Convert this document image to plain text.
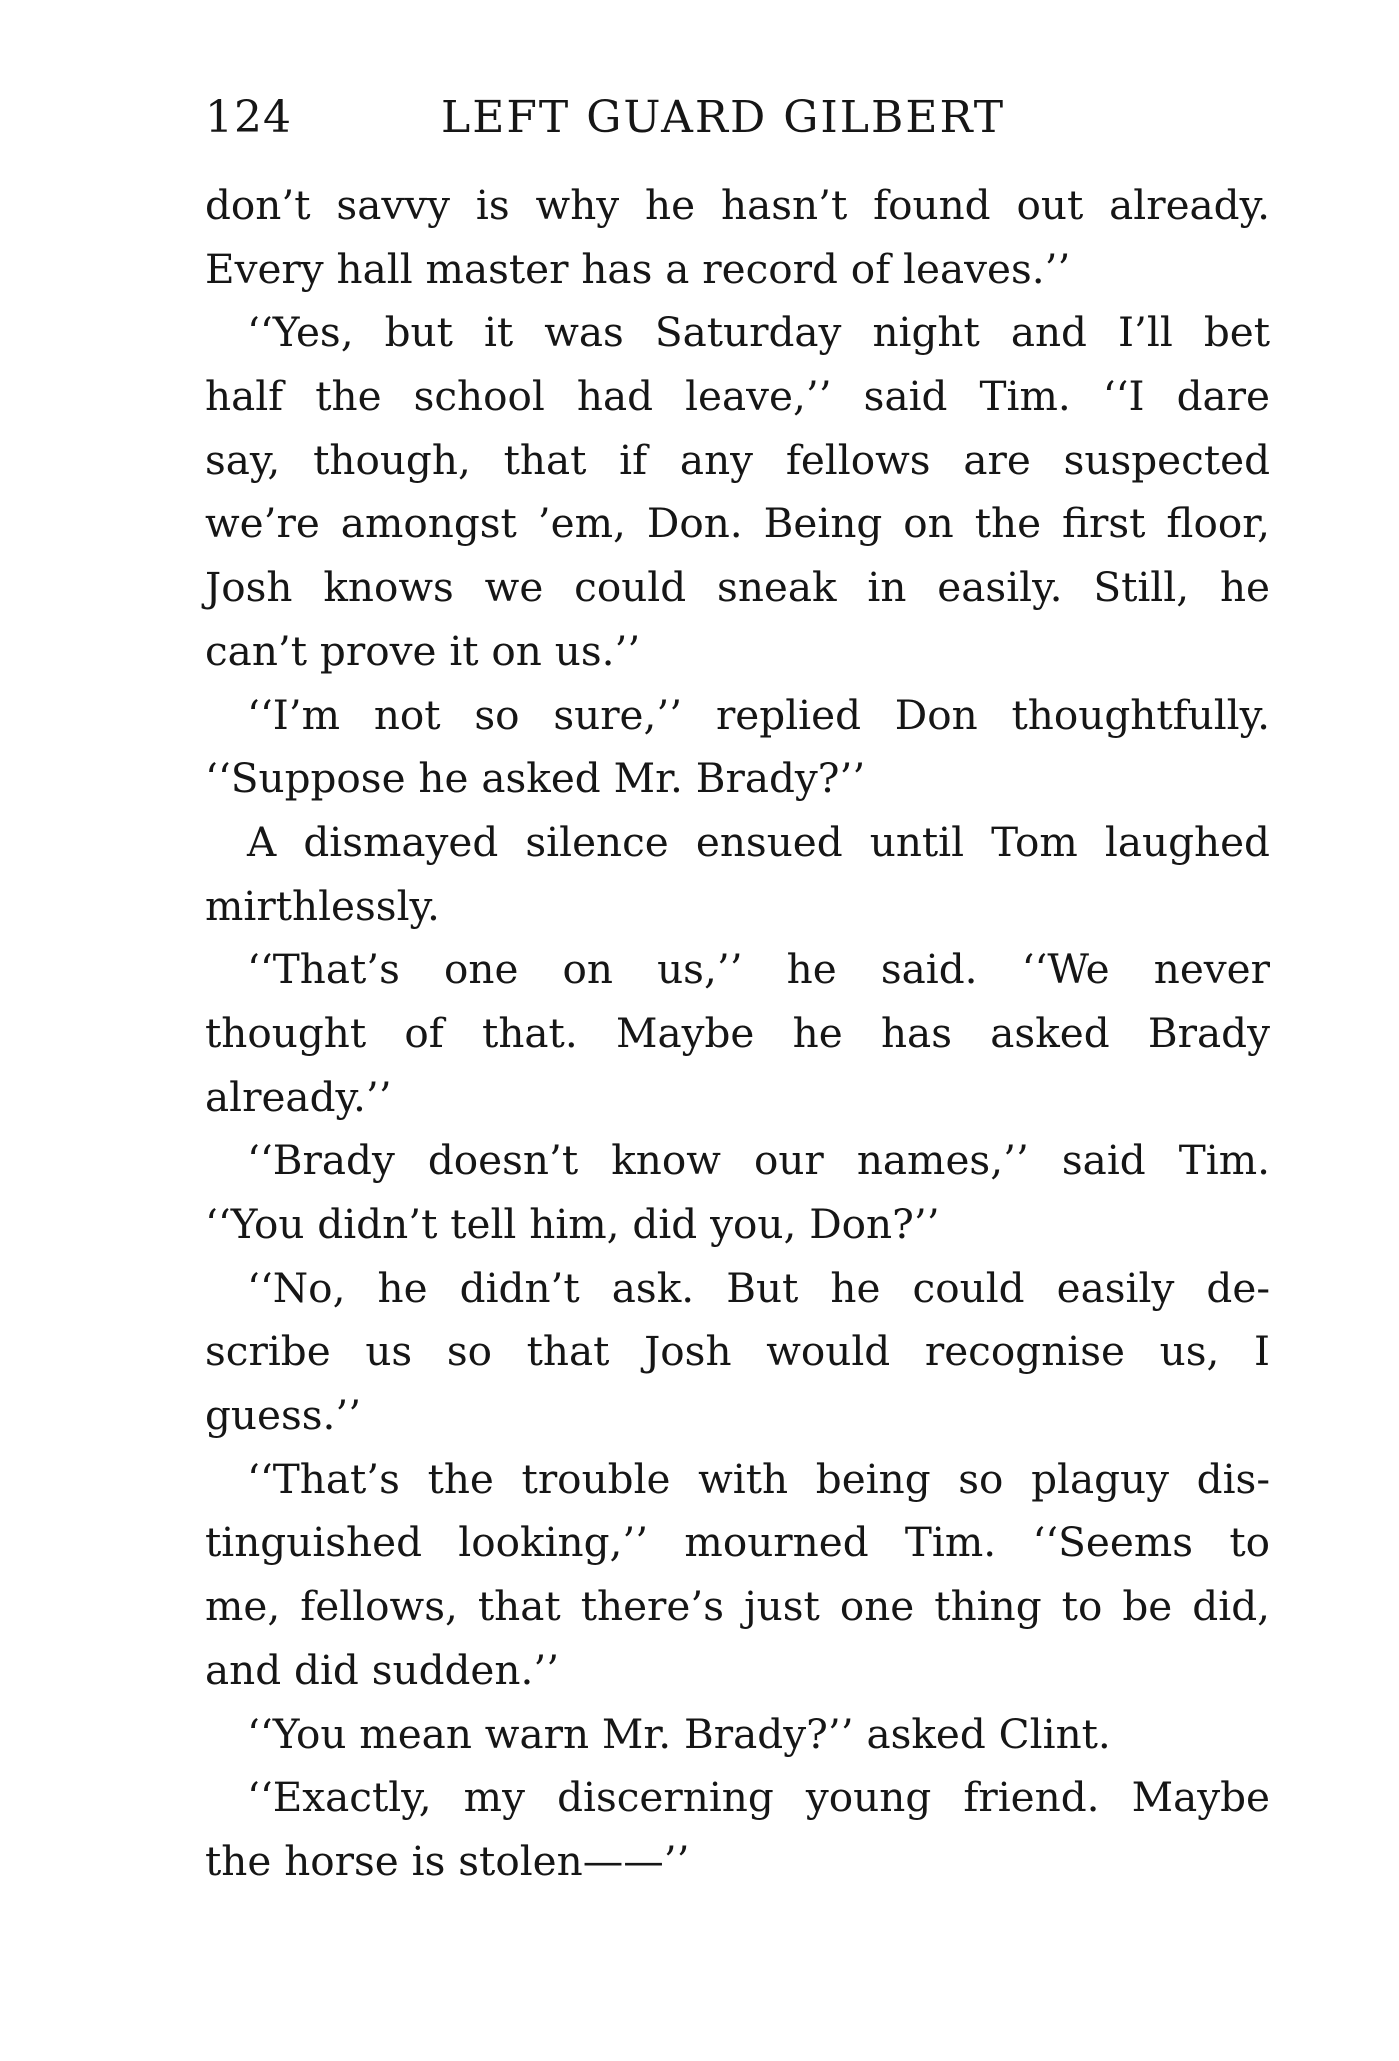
124	LEFT GUARD GILBERT
don’t savvy is why he hasn’t found out already.
Every hall master has a record of leaves.’’
‘‘Yes, but it was Saturday night and I’ll bet
half the school had leave,’’ said Tim. ‘‘I dare
say, though, that if any fellows are suspected
we’re amongst ’em, Don. Being on the first floor,
Josh knows we could sneak in easily. Still, he
can’t prove it on us.’’
‘‘I’m not so sure,’’ replied Don thoughtfully.
‘‘Suppose he asked Mr. Brady?’’
A dismayed silence ensued until Tom laughed
mirthlessly.
‘‘That’s one on us,’’ he said. ‘‘We never
thought of that. Maybe he has asked Brady
already.’’
‘‘Brady doesn’t know our names,’’ said Tim.
‘‘You didn’t tell him, did you, Don?’’
‘‘No, he didn’t ask. But he could easily de-
scribe us so that Josh would recognise us, I
guess.’’
‘‘That’s the trouble with being so plaguy dis-
tinguished looking,’’ mourned Tim. ‘‘Seems to
me, fellows, that there’s just one thing to be did,
and did sudden.’’
‘‘You mean warn Mr. Brady?’’ asked Clint.
‘‘Exactly, my discerning young friend. Maybe
the horse is stolen——’’
